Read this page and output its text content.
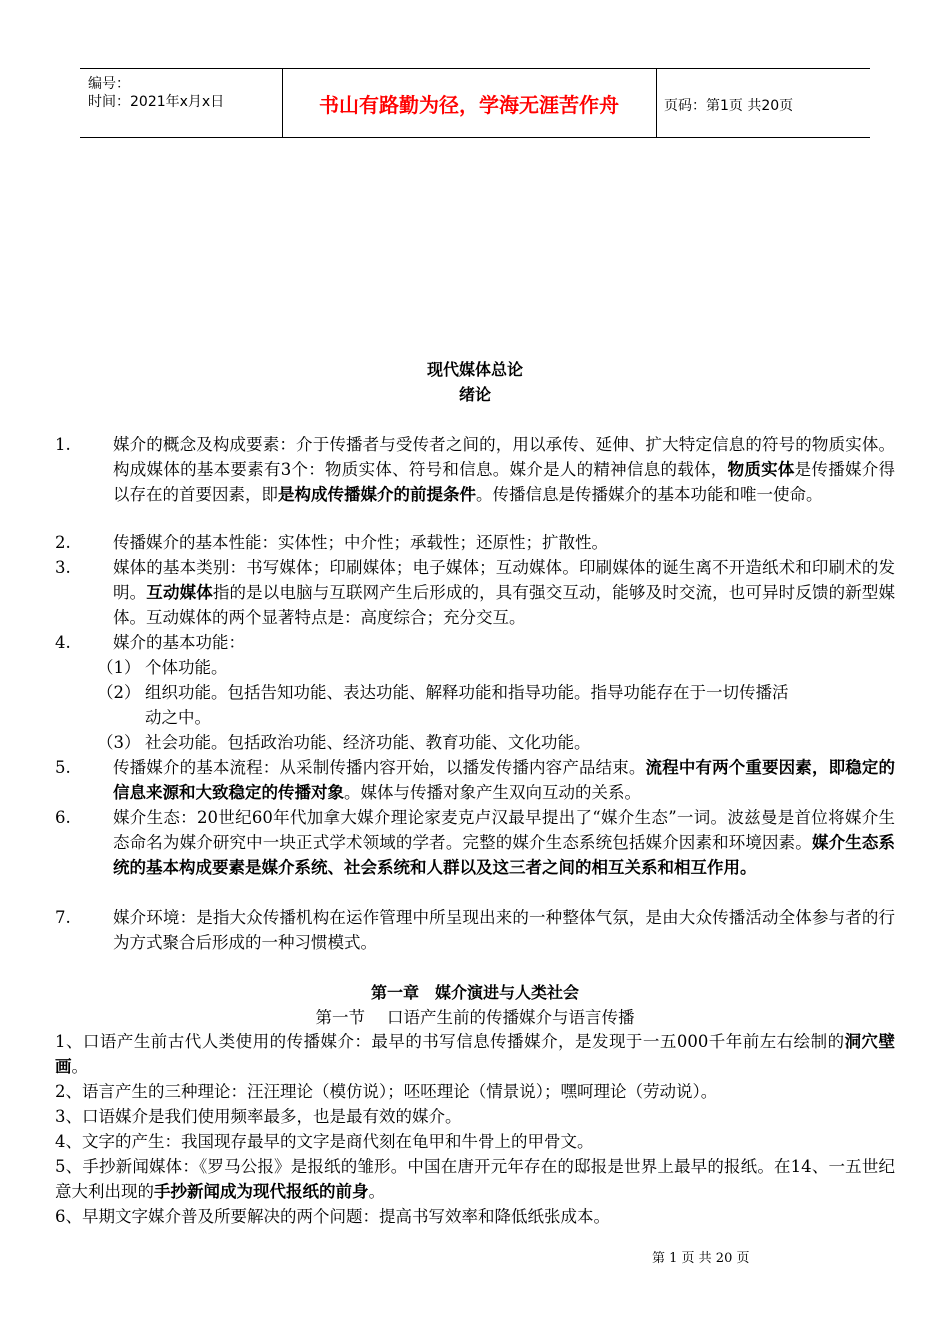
编号：
时间：2021年x月x日	书山有路勤为径，学海无涯苦作舟	页码：第1页 共20页
现代媒体总论
绪论
1.	媒介的概念及构成要素：介于传播者与受传者之间的，用以承传、延伸、扩大特定信息的符号的物质实体。构成媒体的基本要素有3个：物质实体、符号和信息。媒介是人的精神信息的载体，物质实体是传播媒介得以存在的首要因素，即是构成传播媒介的前提条件。传播信息是传播媒介的基本功能和唯一使命。
2.	传播媒介的基本性能：实体性；中介性；承载性；还原性；扩散性。
3.	媒体的基本类别：书写媒体；印刷媒体；电子媒体；互动媒体。印刷媒体的诞生离不开造纸术和印刷术的发明。互动媒体指的是以电脑与互联网产生后形成的，具有强交互动，能够及时交流，也可异时反馈的新型媒体。互动媒体的两个显著特点是：高度综合；充分交互。
4.	媒介的基本功能：
（1） 个体功能。
（2） 组织功能。包括告知功能、表达功能、解释功能和指导功能。指导功能存在于一切传播活
动之中。
（3） 社会功能。包括政治功能、经济功能、教育功能、文化功能。
5.	传播媒介的基本流程：从采制传播内容开始，以播发传播内容产品结束。流程中有两个重要因素，即稳定的信息来源和大致稳定的传播对象。媒体与传播对象产生双向互动的关系。
6.	媒介生态：20世纪60年代加拿大媒介理论家麦克卢汉最早提出了“媒介生态”一词。波兹曼是首位将媒介生态命名为媒介研究中一块正式学术领域的学者。完整的媒介生态系统包括媒介因素和环境因素。媒介生态系统的基本构成要素是媒介系统、社会系统和人群以及这三者之间的相互关系和相互作用。
7.	媒介环境：是指大众传播机构在运作管理中所呈现出来的一种整体气氛，是由大众传播活动全体参与者的行为方式聚合后形成的一种习惯模式。
第一章　媒介演进与人类社会
第一节 口语产生前的传播媒介与语言传播
1、口语产生前古代人类使用的传播媒介：最早的书写信息传播媒介，是发现于一五000千年前左右绘制的洞穴壁画。
2、语言产生的三种理论：汪汪理论（模仿说）；呸呸理论（情景说）；嘿呵理论（劳动说）。
3、口语媒介是我们使用频率最多，也是最有效的媒介。
4、文字的产生：我国现存最早的文字是商代刻在龟甲和牛骨上的甲骨文。
5、手抄新闻媒体：《罗马公报》是报纸的雏形。中国在唐开元年存在的邸报是世界上最早的报纸。在14、一五世纪意大利出现的手抄新闻成为现代报纸的前身。
6、早期文字媒介普及所要解决的两个问题：提高书写效率和降低纸张成本。
第 1 页 共 20 页
